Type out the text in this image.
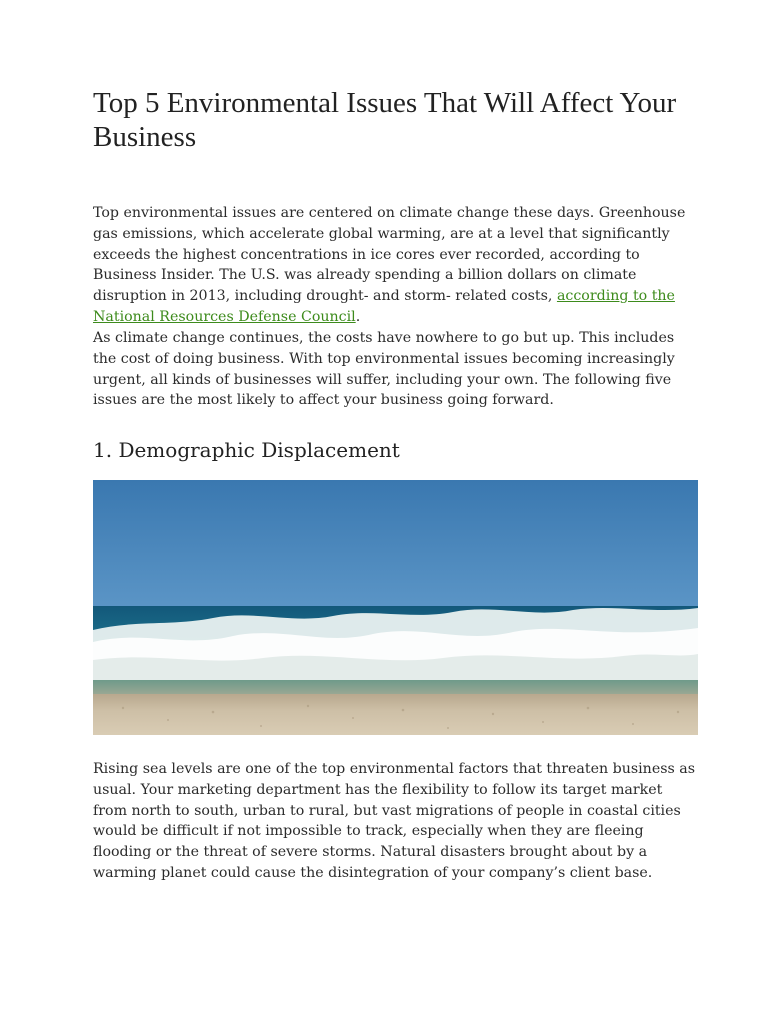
Top 5 Environmental Issues That Will Affect Your Business

Top environmental issues are centered on climate change these days. Greenhouse gas emissions, which accelerate global warming, are at a level that significantly exceeds the highest concentrations in ice cores ever recorded, according to Business Insider. The U.S. was already spending a billion dollars on climate disruption in 2013, including drought- and storm- related costs, according to the National Resources Defense Council.

As climate change continues, the costs have nowhere to go but up. This includes the cost of doing business. With top environmental issues becoming increasingly urgent, all kinds of businesses will suffer, including your own. The following five issues are the most likely to affect your business going forward.

1. Demographic Displacement

Rising sea levels are one of the top environmental factors that threaten business as usual. Your marketing department has the flexibility to follow its target market from north to south, urban to rural, but vast migrations of people in coastal cities would be difficult if not impossible to track, especially when they are fleeing flooding or the threat of severe storms. Natural disasters brought about by a warming planet could cause the disintegration of your company’s client base.
